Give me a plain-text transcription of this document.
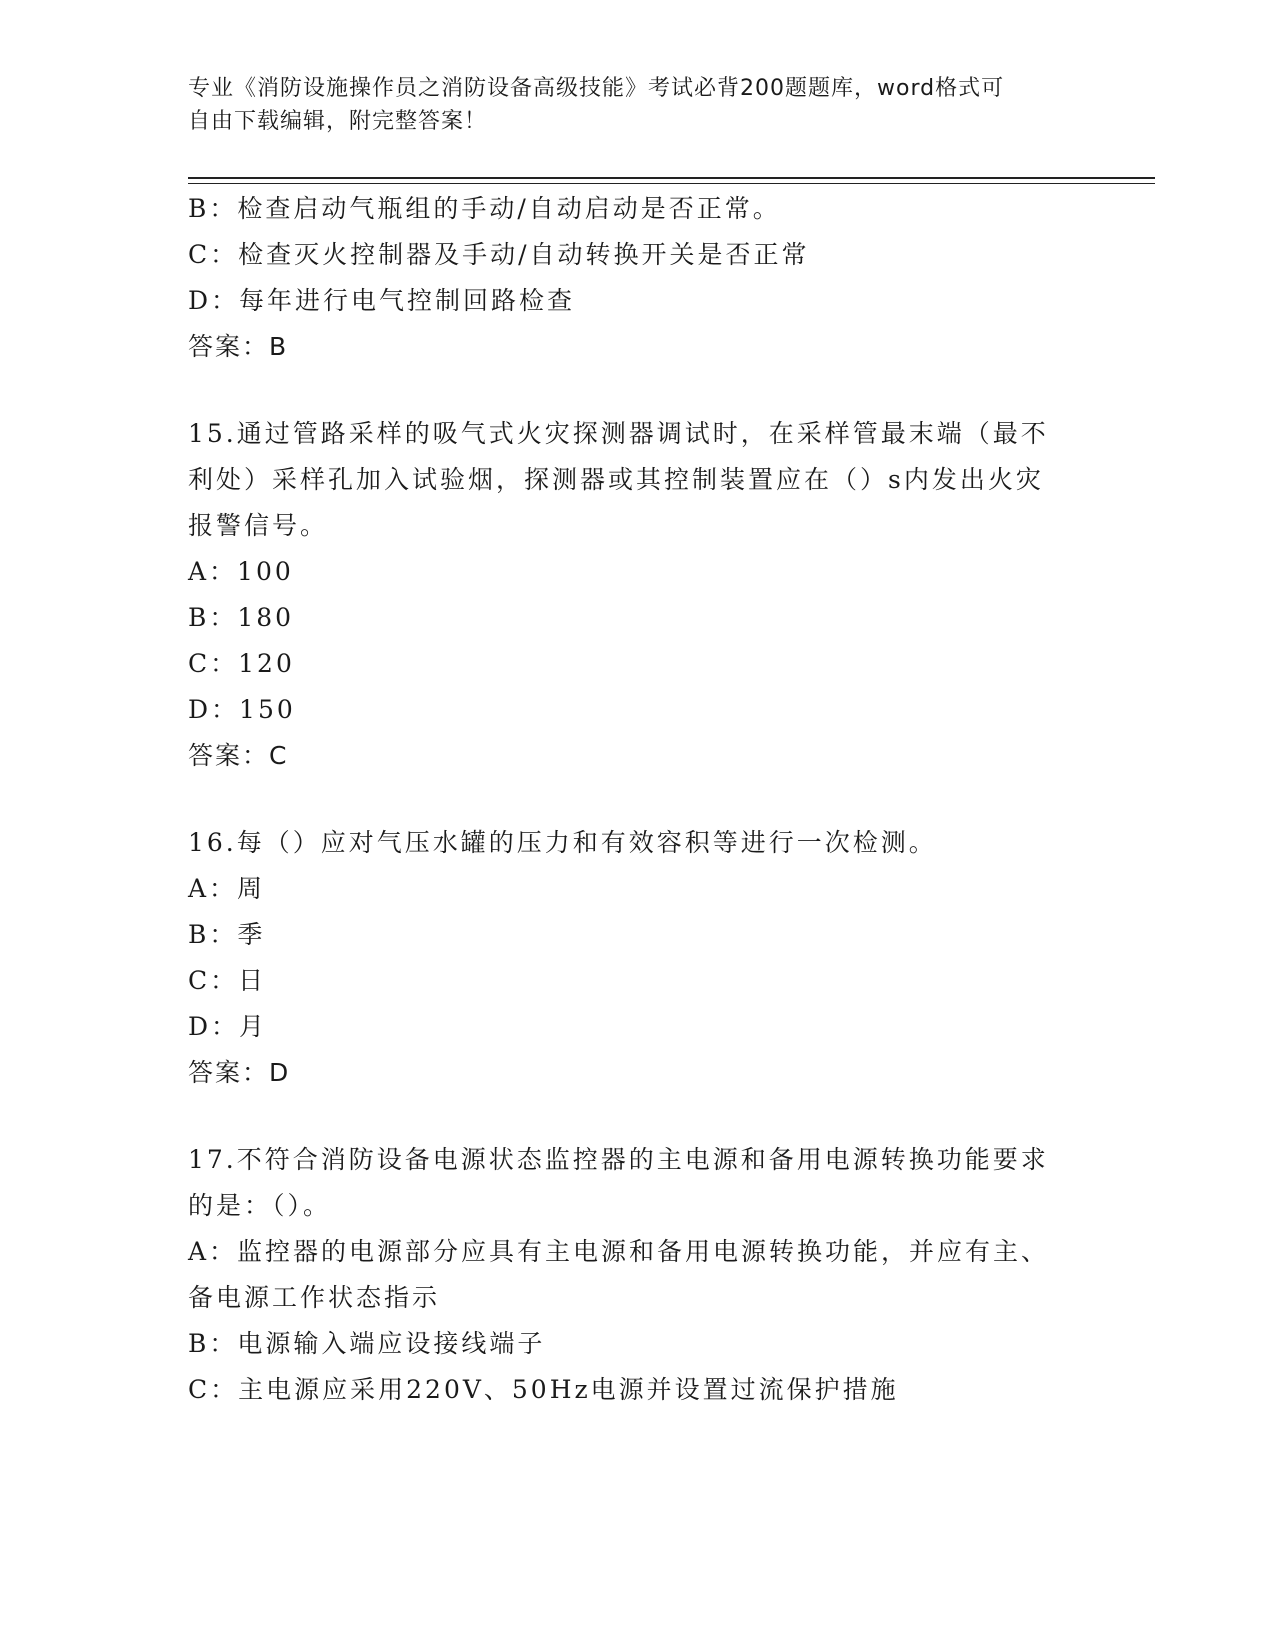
专业《消防设施操作员之消防设备高级技能》考试必背200题题库，word格式可
自由下载编辑，附完整答案！
B：检查启动气瓶组的手动/自动启动是否正常。
C：检查灭火控制器及手动/自动转换开关是否正常
D：每年进行电气控制回路检查
答案：B
15.通过管路采样的吸气式火灾探测器调试时，在采样管最末端（最不
利处）采样孔加入试验烟，探测器或其控制装置应在（）s内发出火灾
报警信号。
A：100
B：180
C：120
D：150
答案：C
16.每（）应对气压水罐的压力和有效容积等进行一次检测。
A：周
B：季
C：日
D：月
答案：D
17.不符合消防设备电源状态监控器的主电源和备用电源转换功能要求
的是：（）。
A：监控器的电源部分应具有主电源和备用电源转换功能，并应有主、
备电源工作状态指示
B：电源输入端应设接线端子
C：主电源应采用220V、50Hz电源并设置过流保护措施
